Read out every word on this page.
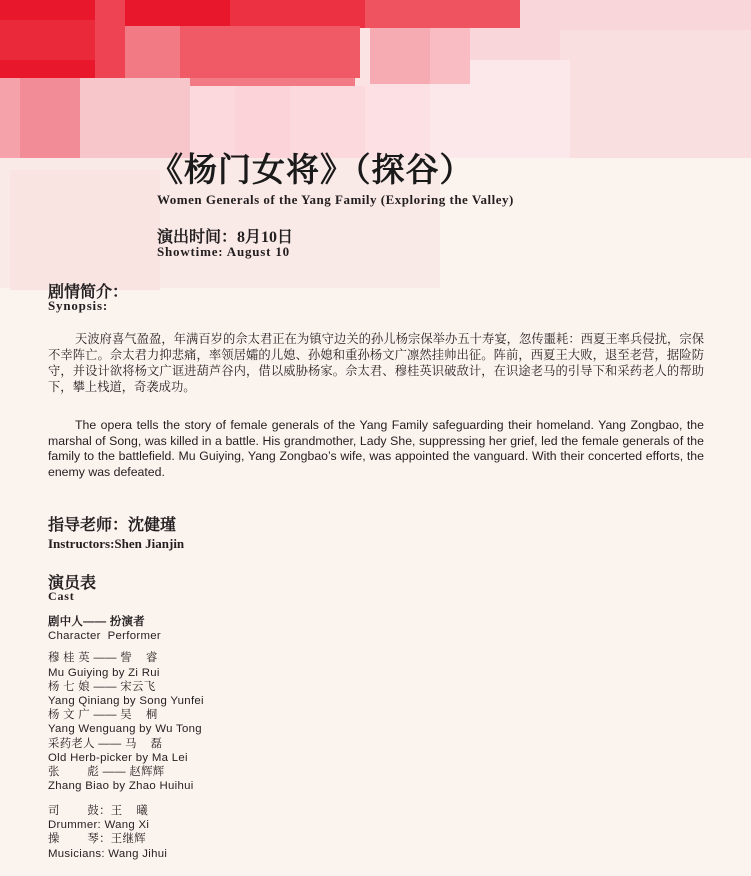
《杨门女将》（探谷）
Women Generals of the Yang Family (Exploring the Valley)
演出时间：8月10日
Showtime: August 10
剧情简介：
Synopsis:

天波府喜气盈盈，年满百岁的佘太君正在为镇守边关的孙儿杨宗保举办五十寿宴，忽传噩耗：西夏王率兵侵扰，宗保不幸阵亡。佘太君力抑悲痛，率领居孀的儿媳、孙媳和重孙杨文广凛然挂帅出征。阵前，西夏王大败，退至老营，据险防守，并设计欲将杨文广诓进葫芦谷内，借以威胁杨家。佘太君、穆桂英识破敌计，在识途老马的引导下和采药老人的帮助下，攀上栈道，奇袭成功。

The opera tells the story of female generals of the Yang Family safeguarding their homeland. Yang Zongbao, the marshal of Song, was killed in a battle. His grandmother, Lady She, suppressing her grief, led the female generals of the family to the battlefield. Mu Guiying, Yang Zongbao’s wife, was appointed the vanguard. With their concerted efforts, the enemy was defeated.

指导老师：沈健瑾
Instructors:Shen Jianjin
演员表
Cast
剧中人—— 扮演者
Character  Performer
穆 桂 英 —— 訾    睿
Mu Guiying by Zi Rui
杨 七 娘 —— 宋云飞
Yang Qiniang by Song Yunfei
杨 文 广 —— 吴    桐
Yang Wenguang by Wu Tong
采药老人 —— 马    磊
Old Herb-picker by Ma Lei
张        彪 —— 赵辉辉
Zhang Biao by Zhao Huihui
司        鼓：王    曦
Drummer: Wang Xi
操        琴：王继辉
Musicians: Wang Jihui
